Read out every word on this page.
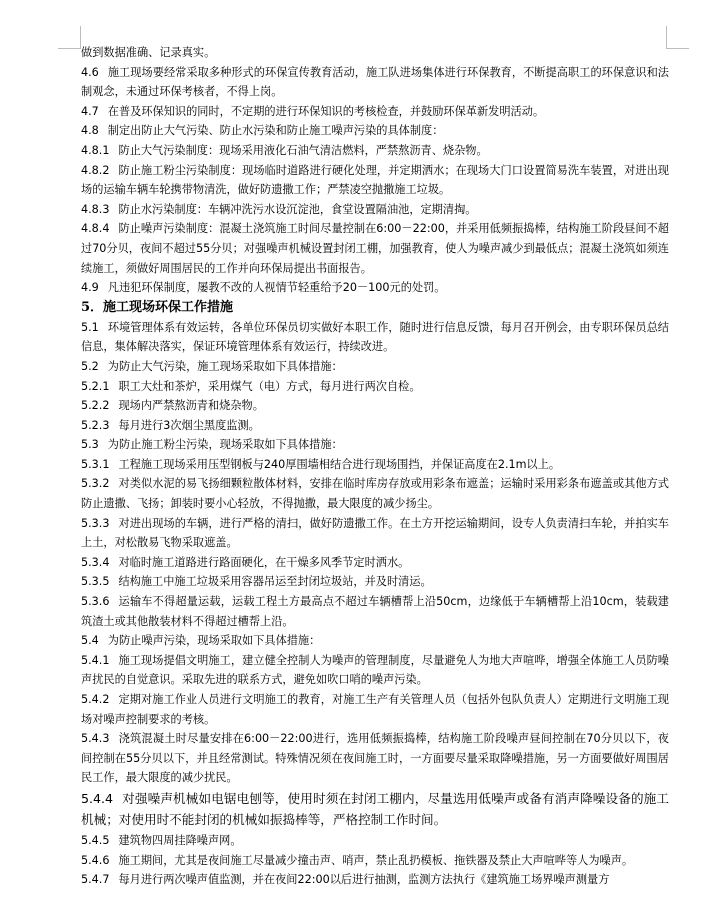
做到数据准确、记录真实。

4.6 施工现场要经常采取多种形式的环保宣传教育活动，施工队进场集体进行环保教育，不断提高职工的环保意识和法制观念，未通过环保考核者，不得上岗。

4.7 在普及环保知识的同时，不定期的进行环保知识的考核检查，并鼓励环保革新发明活动。

4.8 制定出防止大气污染、防止水污染和防止施工噪声污染的具体制度：

4.8.1 防止大气污染制度：现场采用液化石油气清洁燃料，严禁熬沥青、烧杂物。

4.8.2 防止施工粉尘污染制度：现场临时道路进行硬化处理，并定期洒水；在现场大门口设置简易洗车装置，对进出现场的运输车辆车轮携带物清洗，做好防遗撒工作；严禁凌空抛撒施工垃圾。

4.8.3 防止水污染制度：车辆冲洗污水设沉淀池，食堂设置隔油池，定期清掏。

4.8.4 防止噪声污染制度：混凝土浇筑施工时间尽量控制在6:00－22:00，并采用低频振捣棒，结构施工阶段昼间不超过70分贝，夜间不超过55分贝；对强噪声机械设置封闭工棚，加强教育，使人为噪声减少到最低点；混凝土浇筑如须连续施工，须做好周围居民的工作并向环保局提出书面报告。

4.9 凡违犯环保制度，屡教不改的人视情节轻重给予20－100元的处罚。

5．施工现场环保工作措施

5.1 环境管理体系有效运转，各单位环保员切实做好本职工作，随时进行信息反馈，每月召开例会，由专职环保员总结信息，集体解决落实，保证环境管理体系有效运行，持续改进。

5.2 为防止大气污染，施工现场采取如下具体措施：

5.2.1 职工大灶和茶炉，采用煤气（电）方式，每月进行两次自检。

5.2.2 现场内严禁熬沥青和烧杂物。

5.2.3 每月进行3次烟尘黑度监测。

5.3 为防止施工粉尘污染，现场采取如下具体措施：

5.3.1 工程施工现场采用压型钢板与240厚围墙相结合进行现场围挡，并保证高度在2.1m以上。

5.3.2 对类似水泥的易飞扬细颗粒散体材料，安排在临时库房存放或用彩条布遮盖；运输时采用彩条布遮盖或其他方式防止遗撒、飞扬；卸装时要小心轻放，不得抛撒，最大限度的减少扬尘。

5.3.3 对进出现场的车辆，进行严格的清扫，做好防遗撒工作。在土方开挖运输期间，设专人负责清扫车轮，并拍实车上土，对松散易飞物采取遮盖。

5.3.4 对临时施工道路进行路面硬化，在干燥多风季节定时洒水。

5.3.5 结构施工中施工垃圾采用容器吊运至封闭垃圾站，并及时清运。

5.3.6 运输车不得超量运载，运载工程土方最高点不超过车辆槽帮上沿50cm，边缘低于车辆槽帮上沿10cm，装载建筑渣土或其他散装材料不得超过槽帮上沿。

5.4 为防止噪声污染，现场采取如下具体措施：

5.4.1 施工现场提倡文明施工，建立健全控制人为噪声的管理制度，尽量避免人为地大声喧哗，增强全体施工人员防噪声扰民的自觉意识。采取先进的联系方式，避免如吹口哨的噪声污染。

5.4.2 定期对施工作业人员进行文明施工的教育，对施工生产有关管理人员（包括外包队负责人）定期进行文明施工现场对噪声控制要求的考核。

5.4.3 浇筑混凝土时尽量安排在6:00－22:00进行，选用低频振捣棒，结构施工阶段噪声昼间控制在70分贝以下，夜间控制在55分贝以下，并且经常测试。特殊情况须在夜间施工时，一方面要尽量采取降噪措施，另一方面要做好周围居民工作，最大限度的减少扰民。

5.4.4 对强噪声机械如电锯电刨等，使用时须在封闭工棚内，尽量选用低噪声或备有消声降噪设备的施工机械；对使用时不能封闭的机械如振捣棒等，严格控制工作时间。

5.4.5 建筑物四周挂降噪声网。

5.4.6 施工期间，尤其是夜间施工尽量减少撞击声、哨声，禁止乱扔模板、拖铁器及禁止大声喧哗等人为噪声。

5.4.7 每月进行两次噪声值监测，并在夜间22:00以后进行抽测，监测方法执行《建筑施工场界噪声测量方
